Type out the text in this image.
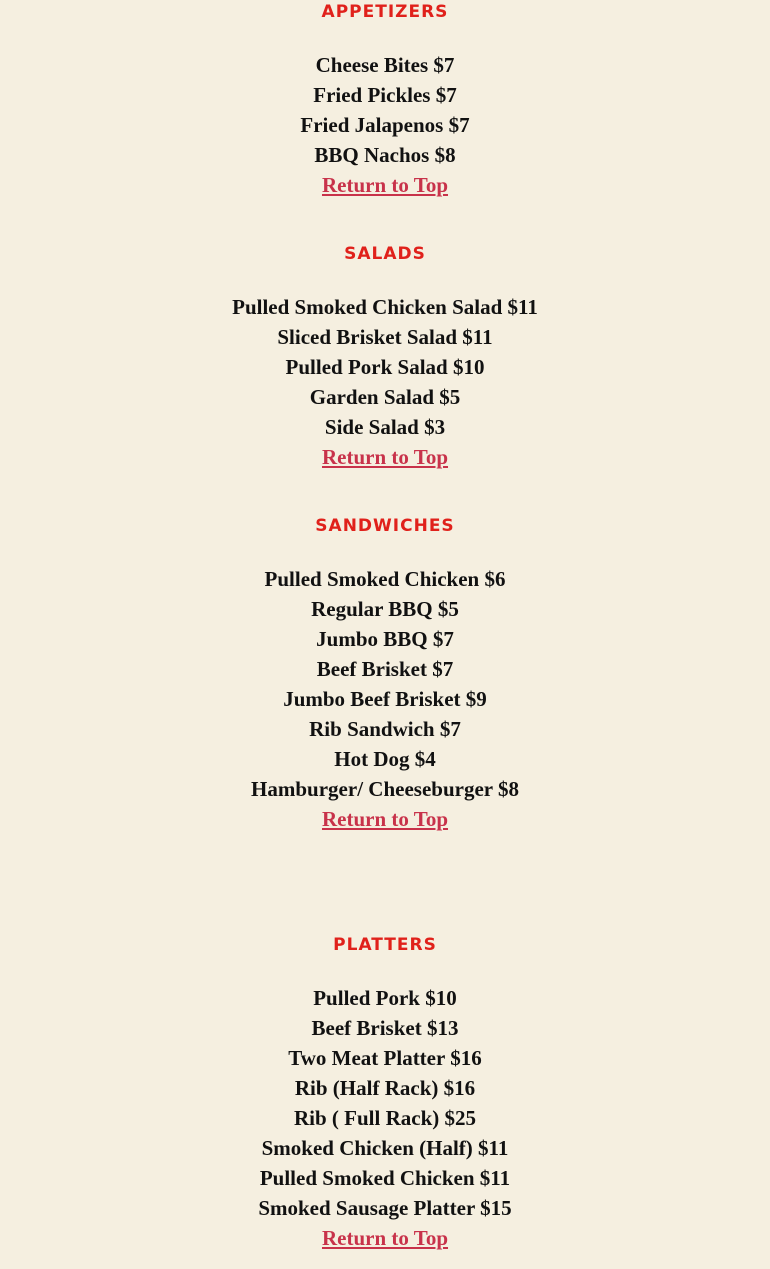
APPETIZERS
Cheese Bites $7
Fried Pickles $7
Fried Jalapenos $7
BBQ Nachos $8
Return to Top
SALADS
Pulled Smoked Chicken Salad $11
Sliced Brisket Salad $11
Pulled Pork Salad $10
Garden Salad $5
Side Salad $3
Return to Top
SANDWICHES
Pulled Smoked Chicken $6
Regular BBQ $5
Jumbo BBQ $7
Beef Brisket $7
Jumbo Beef Brisket $9
Rib Sandwich $7
Hot Dog $4
Hamburger/ Cheeseburger $8
Return to Top
PLATTERS
Pulled Pork $10
Beef Brisket $13
Two Meat Platter $16
Rib (Half Rack) $16
Rib ( Full Rack) $25
Smoked Chicken (Half) $11
Pulled Smoked Chicken $11
Smoked Sausage Platter $15
Return to Top
